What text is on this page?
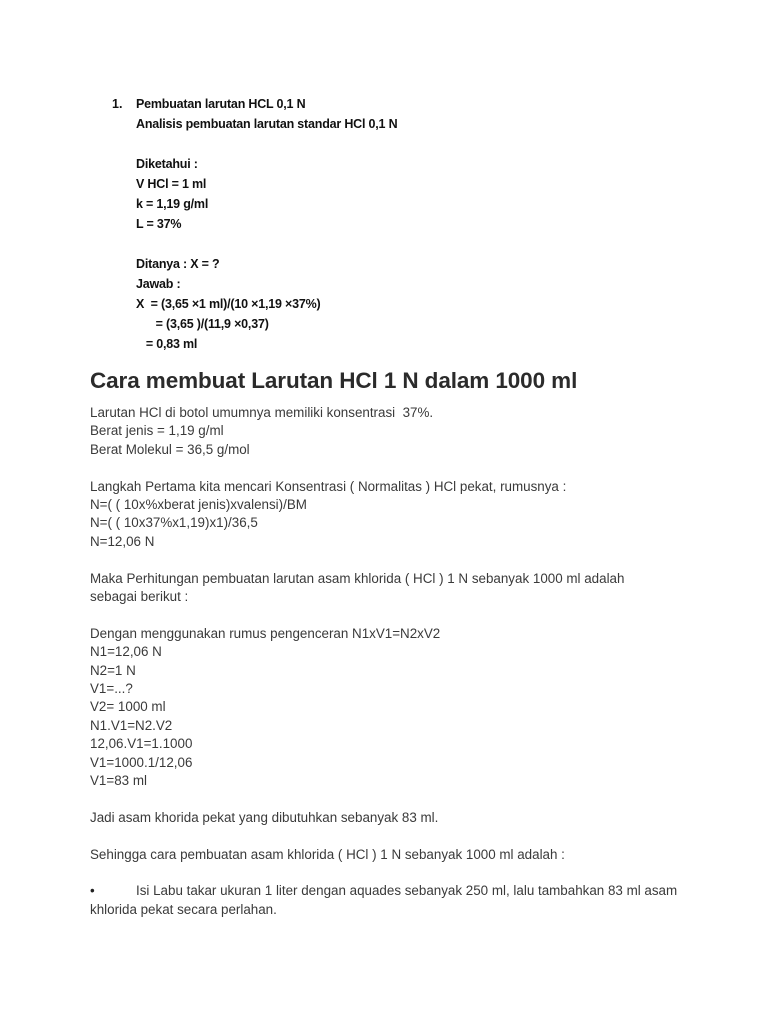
1. Pembuatan larutan HCL 0,1 N
Analisis pembuatan larutan standar HCl 0,1 N
Diketahui :
V HCl = 1 ml
k = 1,19 g/ml
L = 37%
Ditanya : X = ?
Jawab :
X  = (3,65 ×1 ml)/(10 ×1,19 ×37%)
= (3,65 )/(11,9 ×0,37)
= 0,83 ml
Cara membuat Larutan HCl 1 N dalam 1000 ml
Larutan HCl di botol umumnya memiliki konsentrasi  37%.
Berat jenis = 1,19 g/ml
Berat Molekul = 36,5 g/mol
Langkah Pertama kita mencari Konsentrasi ( Normalitas ) HCl pekat, rumusnya :
N=( ( 10x%xberat jenis)xvalensi)/BM
N=( ( 10x37%x1,19)x1)/36,5
N=12,06 N
Maka Perhitungan pembuatan larutan asam khlorida ( HCl ) 1 N sebanyak 1000 ml adalah
sebagai berikut :
Dengan menggunakan rumus pengenceran N1xV1=N2xV2
N1=12,06 N
N2=1 N
V1=...?
V2= 1000 ml
N1.V1=N2.V2
12,06.V1=1.1000
V1=1000.1/12,06
V1=83 ml
Jadi asam khorida pekat yang dibutuhkan sebanyak 83 ml.
Sehingga cara pembuatan asam khlorida ( HCl ) 1 N sebanyak 1000 ml adalah :
•	Isi Labu takar ukuran 1 liter dengan aquades sebanyak 250 ml, lalu tambahkan 83 ml asam khlorida pekat secara perlahan.
